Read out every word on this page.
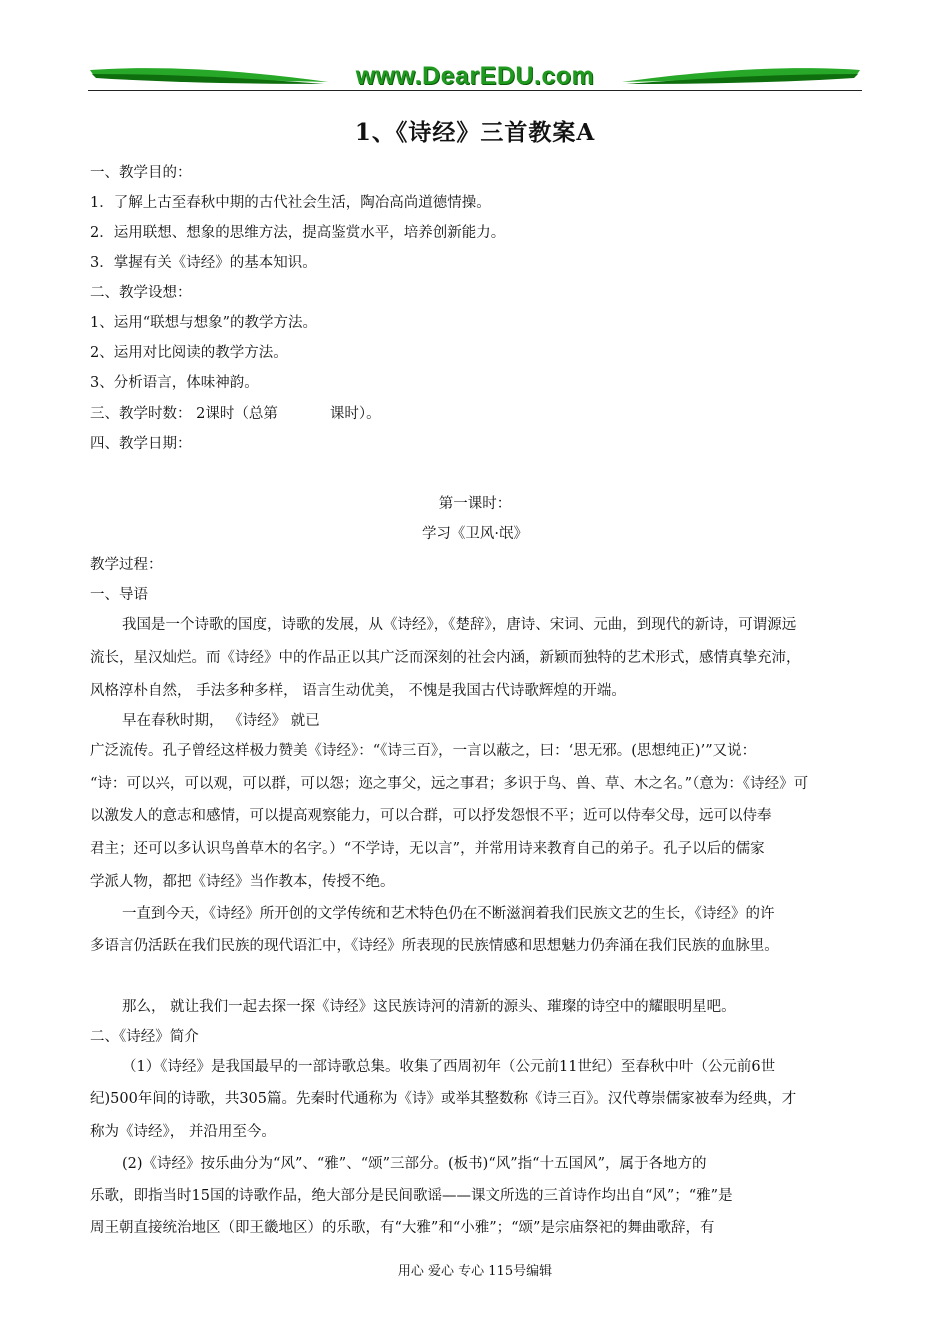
www.DearEDU.com
1、《诗经》三首教案A
一、教学目的：
1．了解上古至春秋中期的古代社会生活，陶冶高尚道德情操。
2．运用联想、想象的思维方法，提高鉴赏水平，培养创新能力。
3．掌握有关《诗经》的基本知识。
二、教学设想：
1、运用“联想与想象”的教学方法。
2、运用对比阅读的教学方法。
3、分析语言，体味神韵。
三、教学时数： 2课时（总第	课时）。
四、教学日期：
第一课时：
学习《卫风·氓》
教学过程：
一、导语
我国是一个诗歌的国度，诗歌的发展，从《诗经》，《楚辞》，唐诗、宋词、元曲，到现代的新诗，可谓源远
流长，星汉灿烂。而《诗经》中的作品正以其广泛而深刻的社会内涵，新颖而独特的艺术形式，感情真挚充沛，
风格淳朴自然， 手法多种多样， 语言生动优美， 不愧是我国古代诗歌辉煌的开端。
早在春秋时期， 《诗经》 就已
广泛流传。孔子曾经这样极力赞美《诗经》：“《诗三百》，一言以蔽之，曰：‘思无邪。(思想纯正)’”又说：
“诗：可以兴，可以观，可以群，可以怨；迩之事父，远之事君；多识于鸟、兽、草、木之名。”（意为：《诗经》可
以激发人的意志和感情，可以提高观察能力，可以合群，可以抒发怨恨不平；近可以侍奉父母，远可以侍奉
君主；还可以多认识鸟兽草木的名字。）“不学诗，无以言”，并常用诗来教育自己的弟子。孔子以后的儒家
学派人物，都把《诗经》当作教本，传授不绝。
一直到今天，《诗经》所开创的文学传统和艺术特色仍在不断滋润着我们民族文艺的生长，《诗经》的许
多语言仍活跃在我们民族的现代语汇中，《诗经》所表现的民族情感和思想魅力仍奔涌在我们民族的血脉里。
那么， 就让我们一起去探一探《诗经》这民族诗河的清新的源头、璀璨的诗空中的耀眼明星吧。
二、《诗经》简介
（1）《诗经》是我国最早的一部诗歌总集。收集了西周初年（公元前11世纪）至春秋中叶（公元前6世
纪)500年间的诗歌，共305篇。先秦时代通称为《诗》或举其整数称《诗三百》。汉代尊崇儒家被奉为经典，才
称为《诗经》， 并沿用至今。
(2)《诗经》按乐曲分为“风”、“雅”、“颂”三部分。(板书)“风”指“十五国风”，属于各地方的
乐歌，即指当时15国的诗歌作品，绝大部分是民间歌谣——课文所选的三首诗作均出自“风”；“雅”是
周王朝直接统治地区（即王畿地区）的乐歌，有“大雅”和“小雅”；“颂”是宗庙祭祀的舞曲歌辞，有
用心 爱心 专心 115号编辑
